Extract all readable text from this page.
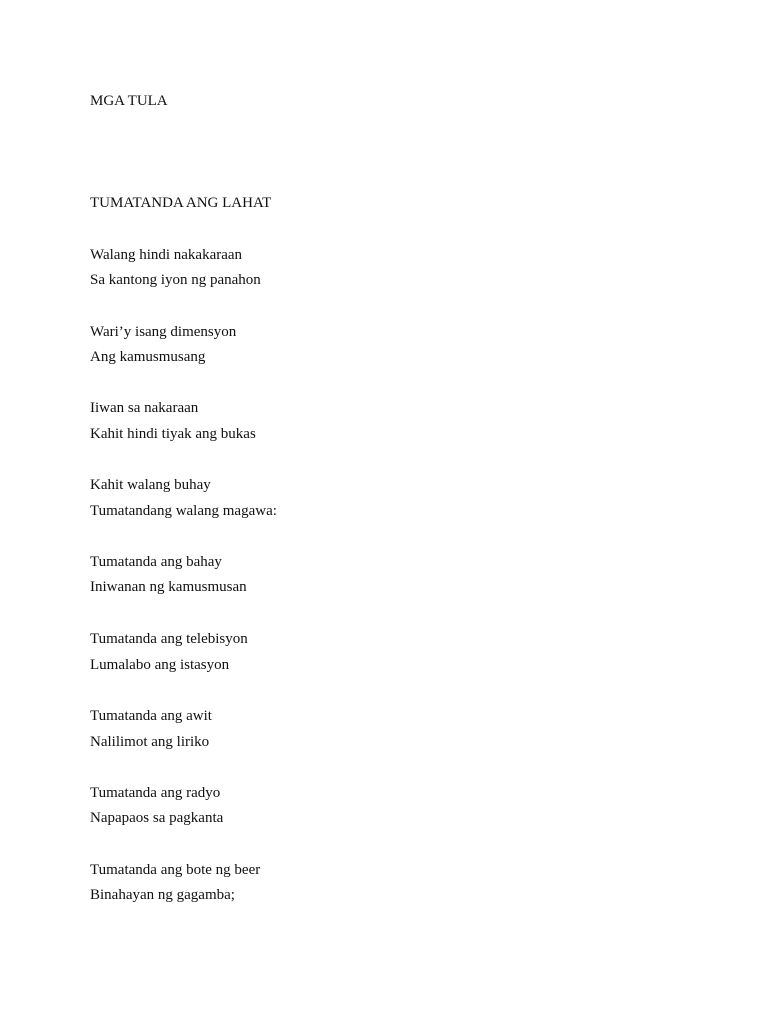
MGA TULA
TUMATANDA ANG LAHAT
Walang hindi nakakaraan
Sa kantong iyon ng panahon
Wari’y isang dimensyon
Ang kamusmusang
Iiwan sa nakaraan
Kahit hindi tiyak ang bukas
Kahit walang buhay
Tumatandang walang magawa:
Tumatanda ang bahay
Iniwanan ng kamusmusan
Tumatanda ang telebisyon
Lumalabo ang istasyon
Tumatanda ang awit
Nalilimot ang liriko
Tumatanda ang radyo
Napapaos sa pagkanta
Tumatanda ang bote ng beer
Binahayan ng gagamba;
